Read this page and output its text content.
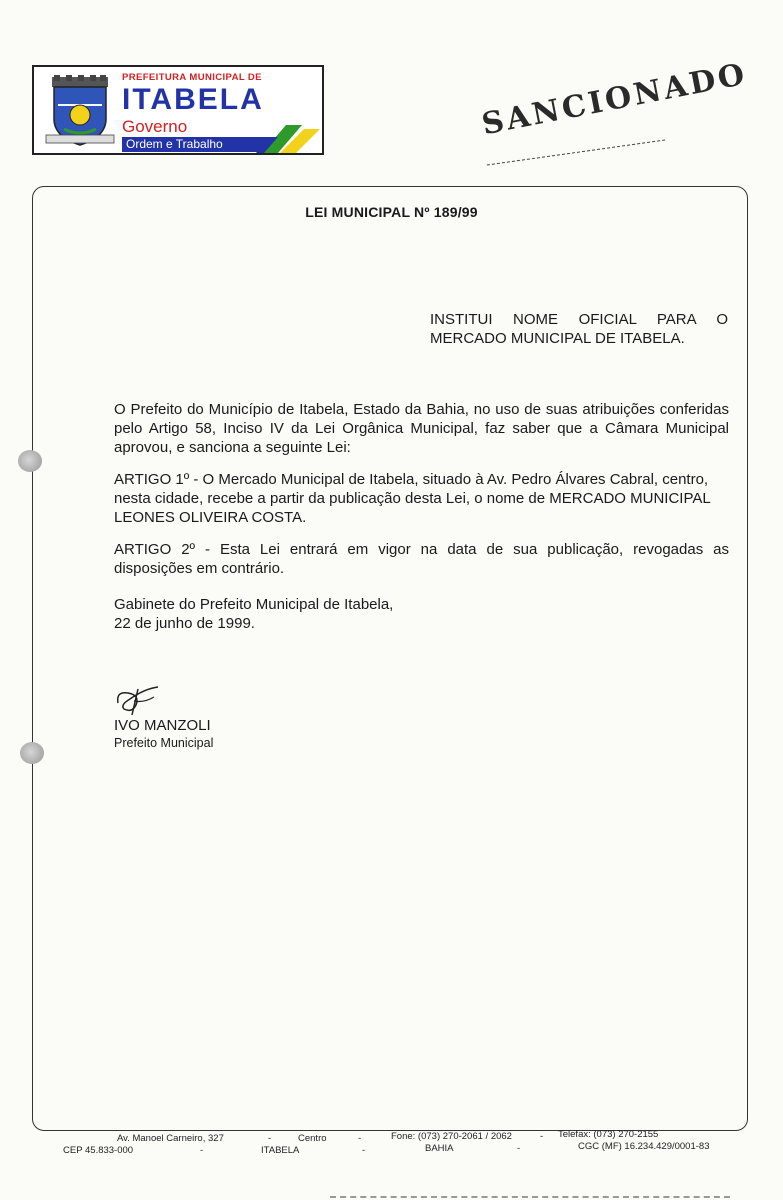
PREFEITURA MUNICIPAL DE
ITABELA
Governo
Ordem e Trabalho
SANCIONADO
LEI MUNICIPAL Nº 189/99
INSTITUI NOME OFICIAL PARA O MERCADO MUNICIPAL DE ITABELA.
O Prefeito do Município de Itabela, Estado da Bahia, no uso de suas atribuições conferidas pelo Artigo 58, Inciso IV da Lei Orgânica Municipal, faz saber que a Câmara Municipal aprovou, e sanciona a seguinte Lei:
ARTIGO 1º - O Mercado Municipal de Itabela, situado à Av. Pedro Álvares Cabral, centro,
nesta cidade, recebe a partir da publicação desta Lei, o nome de MERCADO MUNICIPAL
LEONES OLIVEIRA COSTA.
ARTIGO 2º - Esta Lei entrará em vigor na data de sua publicação, revogadas as disposições em contrário.
Gabinete do Prefeito Municipal de Itabela,
22 de junho de 1999.
IVO MANZOLI
Prefeito Municipal
Av. Manoel Carneiro, 327	-	Centro	-	Fone: (073) 270-2061 / 2062	- Telefax: (073) 270-2155
CEP 45.833-000	-	ITABELA	-	BAHIA	-	CGC (MF) 16.234.429/0001-83
